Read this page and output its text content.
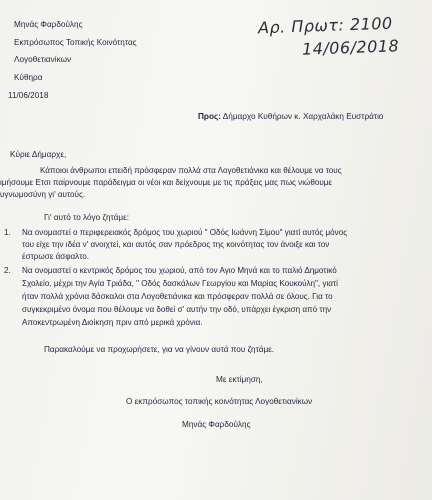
Μηνάς Φαρδούλης
Εκπρόσωπος Τοπικής Κοινότητας
Λογοθετιανίκων
Κύθηρα
11/06/2018
Αρ. Πρωτ: 2100
14/06/2018
Προς: Δήμαρχο Κυθήρων κ. Χαρχαλάκη Ευστράτιο
Κύριε Δήμαρχε,
Κάποιοι άνθρωποι επειδή πρόσφεραν πολλά στα Λογοθετιάνικα και θέλουμε να τους
ιμήσουμε Ετσι παίρνουμε παράδειγμα οι νέοι και δείχνουμε με τις πράξεις μας πως νιώθουμε
υγνωμοσύνη γι' αυτούς.
Γι' αυτό το λόγο ζητάμε:
1. Να ονομαστεί ο περιφερειακός δρόμος του χωριού " Οδός Ιωάννη Σίμου" γιατί αυτός μόνος
του είχε την ιδέα ν' ανοιχτεί, και αυτός σαν πρόεδρος της κοινότητας τον άνοιξε και τον
έστρωσε άσφαλτο.
2. Να ονομαστεί ο κεντρικός δρόμος του χωριού, από τον Αγιο Μηνά και το παλιό Δημοτικό
Σχολείο, μέχρι την Αγία Τριάδα, " Οδός δασκάλων Γεωργίου και Μαρίας Κουκούλη", γιατί
ήταν πολλά χρόνια δάσκαλοι στα Λογοθετιάνικα και πρόσφεραν πολλά σε όλους. Για το
συγκεκριμένο όνομα που θέλουμε να δοθεί σ' αυτήν την οδό, υπάρχει έγκριση από την
Αποκεντρωμένη Διοίκηση πριν από μερικά χρόνια.
Παρακαλούμε να προχωρήσετε, για να γίνουν αυτά που ζητάμε.
Με εκτίμηση,
Ο εκπρόσωπος τοπικής κοινότητας Λογοθετιανίκων
Μηνάς Φαρδούλης
